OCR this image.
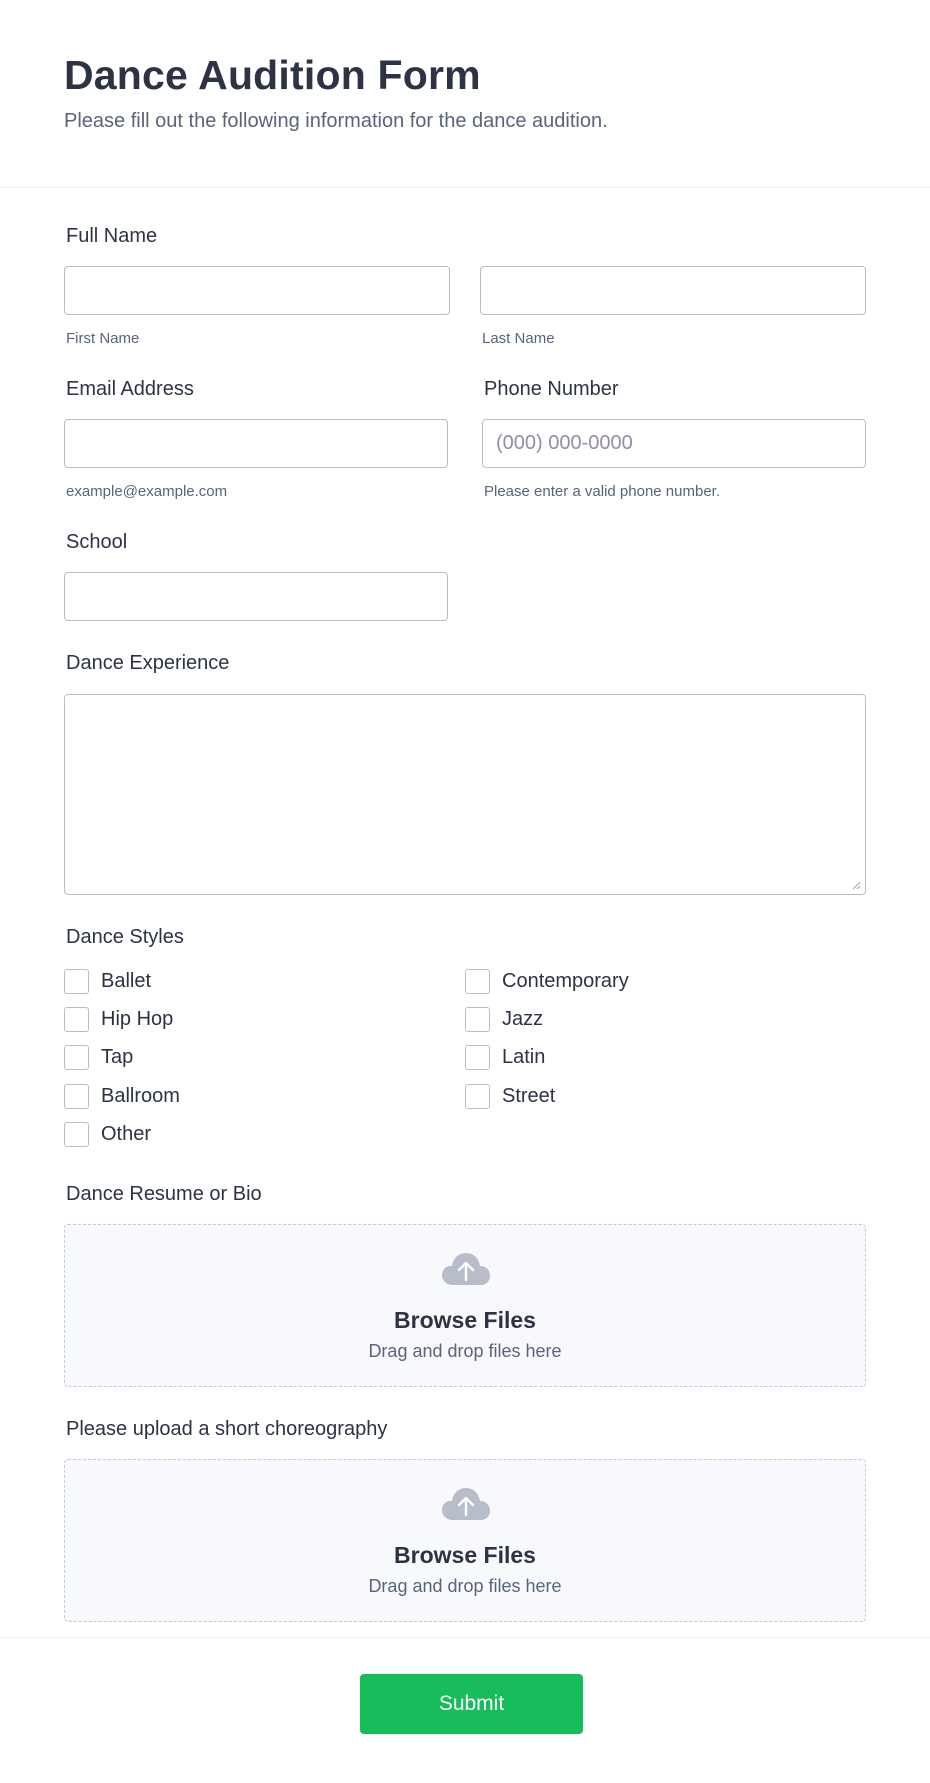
Dance Audition Form

Please fill out the following information for the dance audition.

Full Name
First Name	Last Name
Email Address	Phone Number
(000) 000-0000
example@example.com	Please enter a valid phone number.
School
Dance Experience
Dance Styles
Ballet	Contemporary
Hip Hop	Jazz
Tap	Latin
Ballroom	Street
Other
Dance Resume or Bio
Browse Files
Drag and drop files here
Please upload a short choreography
Browse Files
Drag and drop files here
Submit
